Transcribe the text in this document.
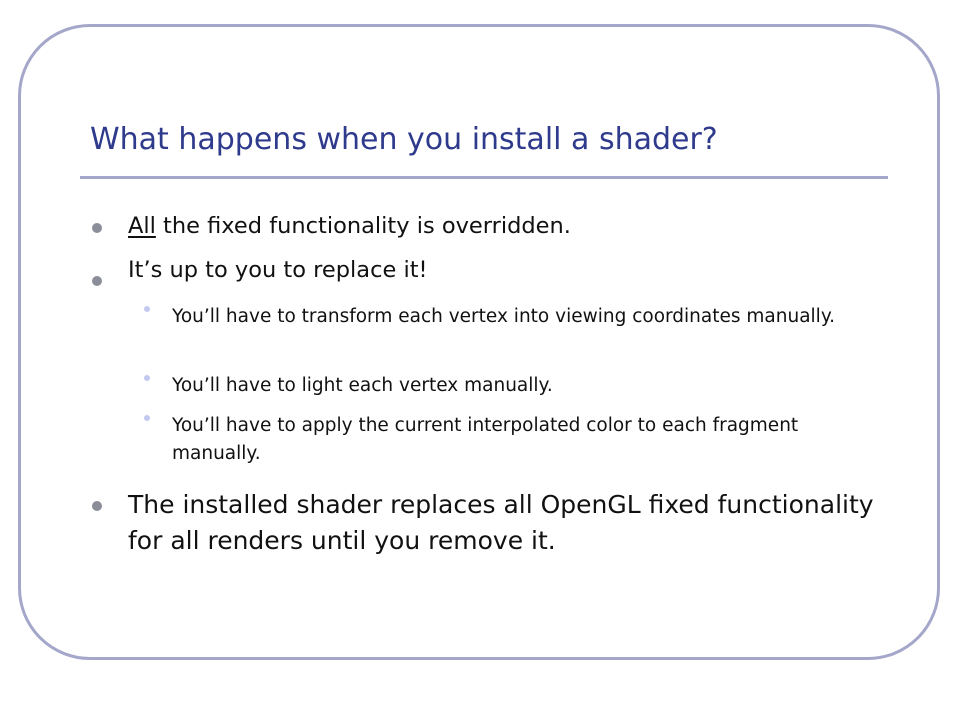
What happens when you install a shader?
All the fixed functionality is overridden.
It’s up to you to replace it!
You’ll have to transform each vertex into viewing coordinates manually.
You’ll have to light each vertex manually.
You’ll have to apply the current interpolated color to each fragment manually.
The installed shader replaces all OpenGL fixed functionality for all renders until you remove it.
